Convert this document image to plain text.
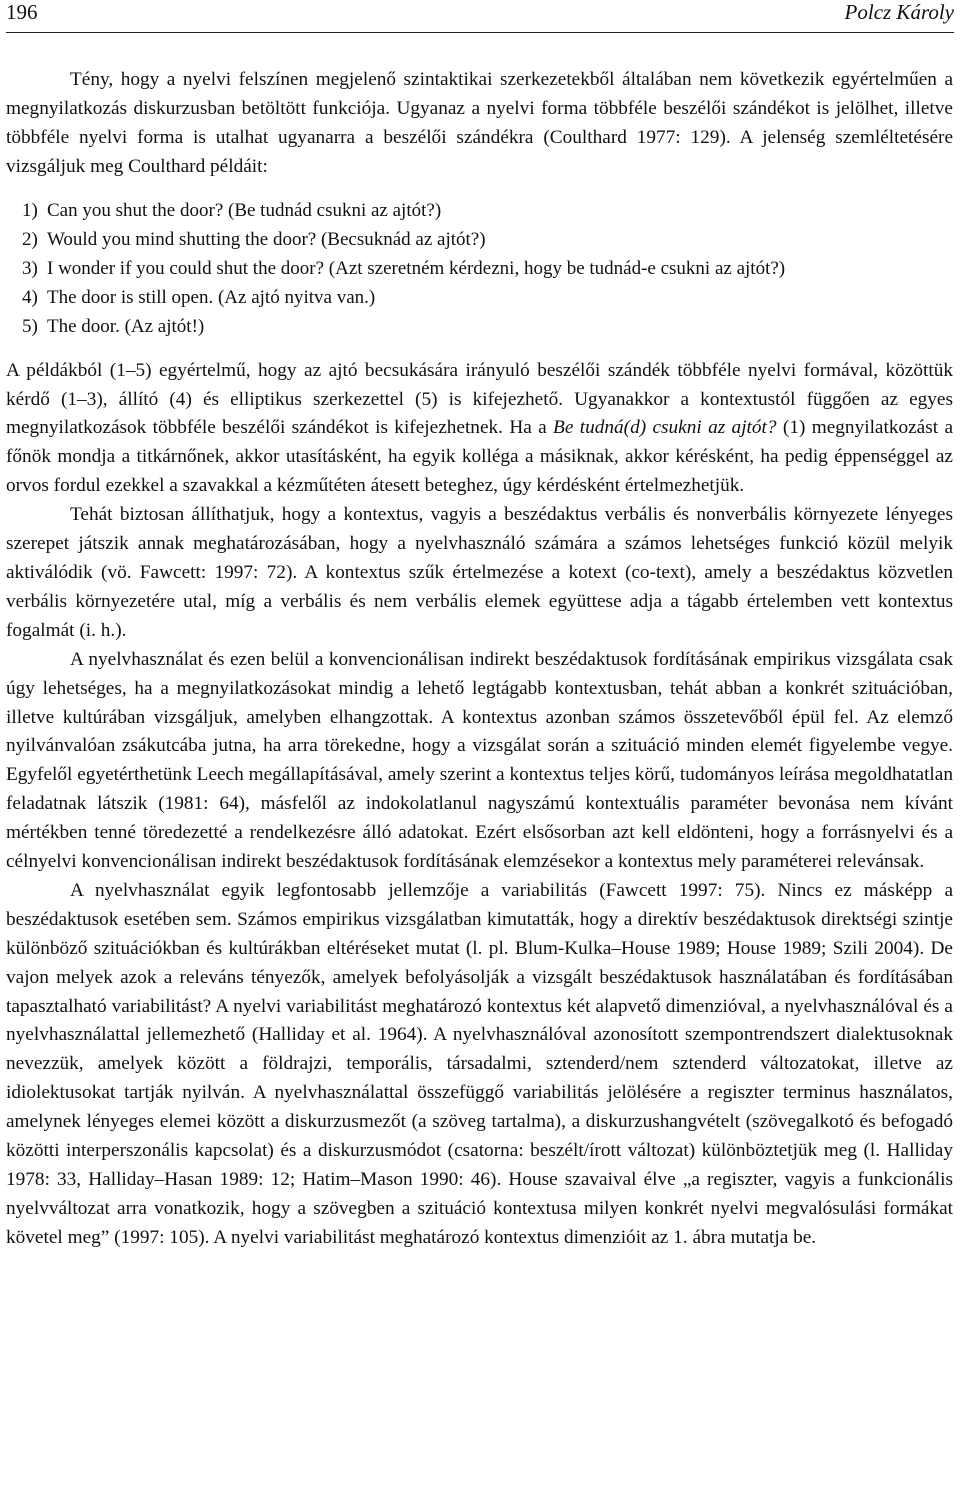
196	Polcz Károly

Tény, hogy a nyelvi felszínen megjelenő szintaktikai szerkezetekből általában nem következik egyértelműen a megnyilatkozás diskurzusban betöltött funkciója. Ugyanaz a nyelvi forma többféle beszélői szándékot is jelölhet, illetve többféle nyelvi forma is utalhat ugyanarra a beszélői szándékra (Coulthard 1977: 129). A jelenség szemléltetésére vizsgáljuk meg Coulthard példáit:

1) Can you shut the door? (Be tudnád csukni az ajtót?)
2) Would you mind shutting the door? (Becsuknád az ajtót?)
3) I wonder if you could shut the door? (Azt szeretném kérdezni, hogy be tudnád-e csukni az ajtót?)
4) The door is still open. (Az ajtó nyitva van.)
5) The door. (Az ajtót!)

A példákból (1–5) egyértelmű, hogy az ajtó becsukására irányuló beszélői szándék többféle nyelvi formával, közöttük kérdő (1–3), állító (4) és elliptikus szerkezettel (5) is kifejezhető. Ugyanakkor a kontextustól függően az egyes megnyilatkozások többféle beszélői szándékot is kifejezhetnek. Ha a Be tudná(d) csukni az ajtót? (1) megnyilatkozást a főnök mondja a titkárnőnek, akkor utasításként, ha egyik kolléga a másiknak, akkor kérésként, ha pedig éppenséggel az orvos fordul ezekkel a szavakkal a kézműtéten átesett beteghez, úgy kérdésként értelmezhetjük.

Tehát biztosan állíthatjuk, hogy a kontextus, vagyis a beszédaktus verbális és nonverbális környezete lényeges szerepet játszik annak meghatározásában, hogy a nyelvhasználó számára a számos lehetséges funkció közül melyik aktiválódik (vö. Fawcett: 1997: 72). A kontextus szűk értelmezése a kotext (co-text), amely a beszédaktus közvetlen verbális környezetére utal, míg a verbális és nem verbális elemek együttese adja a tágabb értelemben vett kontextus fogalmát (i. h.).

A nyelvhasználat és ezen belül a konvencionálisan indirekt beszédaktusok fordításának empirikus vizsgálata csak úgy lehetséges, ha a megnyilatkozásokat mindig a lehető legtágabb kontextusban, tehát abban a konkrét szituációban, illetve kultúrában vizsgáljuk, amelyben elhangzottak. A kontextus azonban számos összetevőből épül fel. Az elemző nyilvánvalóan zsákutcába jutna, ha arra törekedne, hogy a vizsgálat során a szituáció minden elemét figyelembe vegye. Egyfelől egyetérthetünk Leech megállapításával, amely szerint a kontextus teljes körű, tudományos leírása megoldhatatlan feladatnak látszik (1981: 64), másfelől az indokolatlanul nagyszámú kontextuális paraméter bevonása nem kívánt mértékben tenné töredezetté a rendelkezésre álló adatokat. Ezért elsősorban azt kell eldönteni, hogy a forrásnyelvi és a célnyelvi konvencionálisan indirekt beszédaktusok fordításának elemzésekor a kontextus mely paraméterei relevánsak.

A nyelvhasználat egyik legfontosabb jellemzője a variabilitás (Fawcett 1997: 75). Nincs ez másképp a beszédaktusok esetében sem. Számos empirikus vizsgálatban kimutatták, hogy a direktív beszédaktusok direktségi szintje különböző szituációkban és kultúrákban eltéréseket mutat (l. pl. Blum-Kulka–House 1989; House 1989; Szili 2004). De vajon melyek azok a releváns tényezők, amelyek befolyásolják a vizsgált beszédaktusok használatában és fordításában tapasztalható variabilitást? A nyelvi variabilitást meghatározó kontextus két alapvető dimenzióval, a nyelvhasználóval és a nyelvhasználattal jellemezhető (Halliday et al. 1964). A nyelvhasználóval azonosított szempontrendszert dialektusoknak nevezzük, amelyek között a földrajzi, temporális, társadalmi, sztenderd/nem sztenderd változatokat, illetve az idiolektusokat tartják nyilván. A nyelvhasználattal összefüggő variabilitás jelölésére a regiszter terminus használatos, amelynek lényeges elemei között a diskurzusmezőt (a szöveg tartalma), a diskurzushangvételt (szövegalkotó és befogadó közötti interperszonális kapcsolat) és a diskurzusmódot (csatorna: beszélt/írott változat) különböztetjük meg (l. Halliday 1978: 33, Halliday–Hasan 1989: 12; Hatim–Mason 1990: 46). House szavaival élve „a regiszter, vagyis a funkcionális nyelvváltozat arra vonatkozik, hogy a szövegben a szituáció kontextusa milyen konkrét nyelvi megvalósulási formákat követel meg” (1997: 105). A nyelvi variabilitást meghatározó kontextus dimenzióit az 1. ábra mutatja be.
